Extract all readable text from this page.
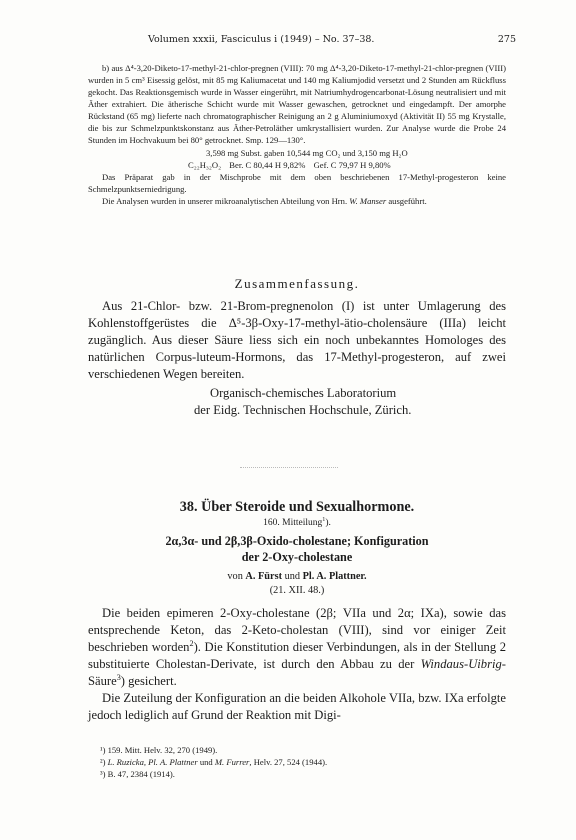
Volumen xxxii, Fasciculus i (1949) – No. 37–38.	275

b) aus Δ⁴-3,20-Diketo-17-methyl-21-chlor-pregnen (VIII): 70 mg Δ⁴-3,20-Diketo-17-methyl-21-chlor-pregnen (VIII) wurden in 5 cm³ Eisessig gelöst, mit 85 mg Kaliumacetat und 140 mg Kaliumjodid versetzt und 2 Stunden am Rückfluss gekocht. Das Reaktionsgemisch wurde in Wasser eingerührt, mit Natriumhydrogencarbonat-Lösung neutralisiert und mit Äther extrahiert. Die ätherische Schicht wurde mit Wasser gewaschen, getrocknet und eingedampft. Der amorphe Rückstand (65 mg) lieferte nach chromatographischer Reinigung an 2 g Aluminiumoxyd (Aktivität II) 55 mg Krystalle, die bis zur Schmelzpunktskonstanz aus Äther-Petroläther umkrystallisiert wurden. Zur Analyse wurde die Probe 24 Stunden im Hochvakuum bei 80° getrocknet. Smp. 129—130°.

3,598 mg Subst. gaben 10,544 mg CO₂ und 3,150 mg H₂O
C₂₂H₃₂O₂ Ber. C 80,44 H 9,82% Gef. C 79,97 H 9,80%

Das Präparat gab in der Mischprobe mit dem oben beschriebenen 17-Methyl-progesteron keine Schmelzpunktserniedrigung.

Die Analysen wurden in unserer mikroanalytischen Abteilung von Hrn. W. Manser ausgeführt.

Zusammenfassung.

Aus 21-Chlor- bzw. 21-Brom-pregnenolon (I) ist unter Umlagerung des Kohlenstoffgerüstes die Δ⁵-3β-Oxy-17-methyl-ätio-cholensäure (IIIa) leicht zugänglich. Aus dieser Säure liess sich ein noch unbekanntes Homologes des natürlichen Corpus-luteum-Hormons, das 17-Methyl-progesteron, auf zwei verschiedenen Wegen bereiten.

Organisch-chemisches Laboratorium
der Eidg. Technischen Hochschule, Zürich.
38. Über Steroide und Sexualhormone.
160. Mitteilung$^1$).
2α,3α- und 2β,3β-Oxido-cholestane; Konfiguration
der 2-Oxy-cholestane
von A. Fürst und Pl. A. Plattner.
(21. XII. 48.)

Die beiden epimeren 2-Oxy-cholestane (2β; VIIa und 2α; IXa), sowie das entsprechende Keton, das 2-Keto-cholestan (VIII), sind vor einiger Zeit beschrieben worden$^2$). Die Konstitution dieser Verbindungen, als in der Stellung 2 substituierte Cholestan-Derivate, ist durch den Abbau zu der Windaus-Uibrig-Säure$^3$) gesichert.

Die Zuteilung der Konfiguration an die beiden Alkohole VIIa, bzw. IXa erfolgte jedoch lediglich auf Grund der Reaktion mit Digi-

¹) 159. Mitt. Helv. 32, 270 (1949).
²) L. Ruzicka, Pl. A. Plattner und M. Furrer, Helv. 27, 524 (1944).
³) B. 47, 2384 (1914).
